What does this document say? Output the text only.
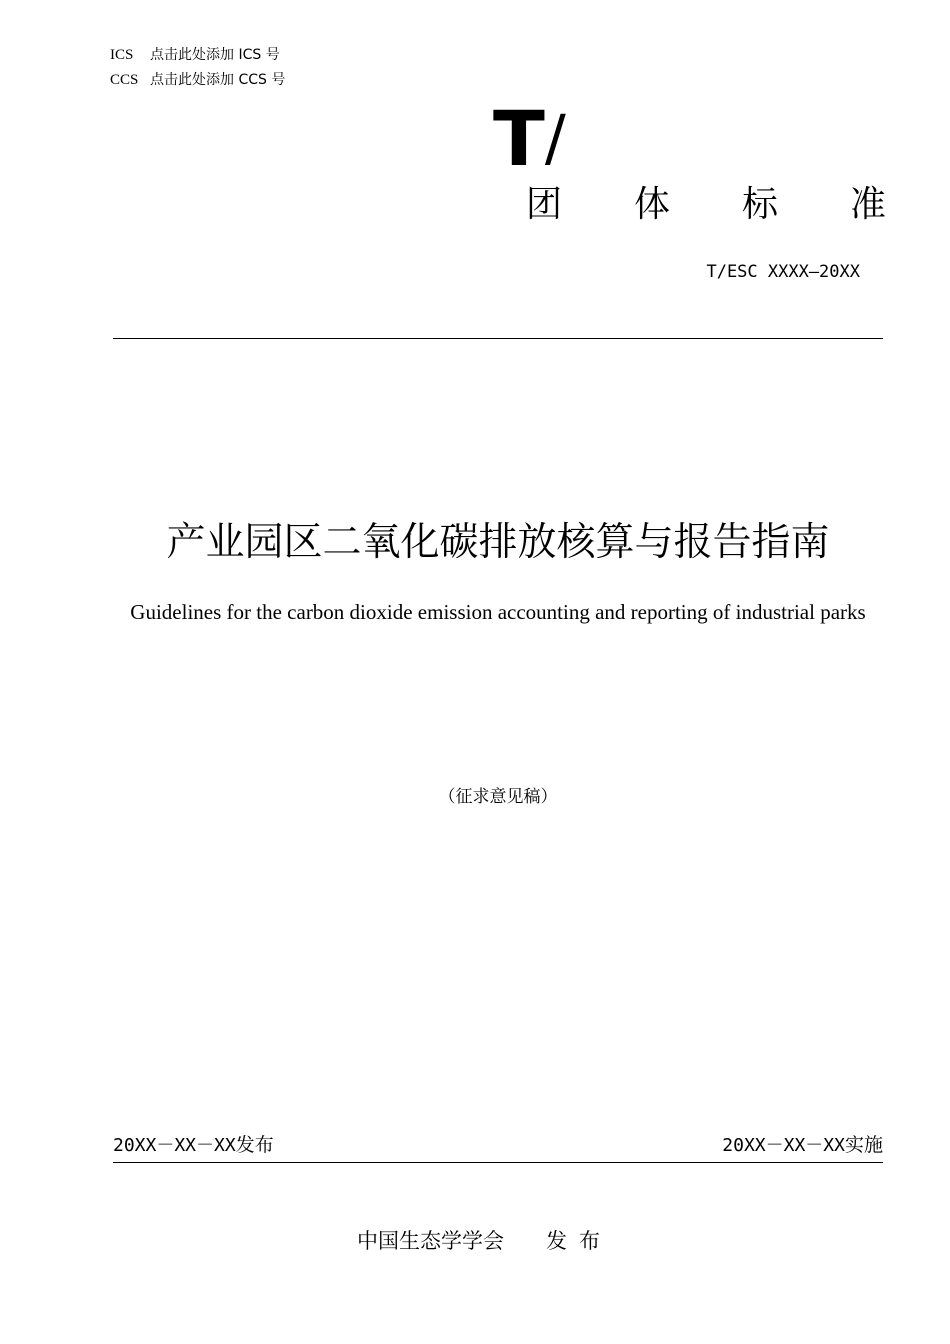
ICS 点击此处添加 ICS 号
CCS 点击此处添加 CCS 号
T/
团 体 标 准
T/ESC XXXX—20XX
产业园区二氧化碳排放核算与报告指南
Guidelines for the carbon dioxide emission accounting and reporting of industrial parks
（征求意见稿）
20XX－XX－XX发布	20XX－XX－XX实施
中国生态学学会 发布
